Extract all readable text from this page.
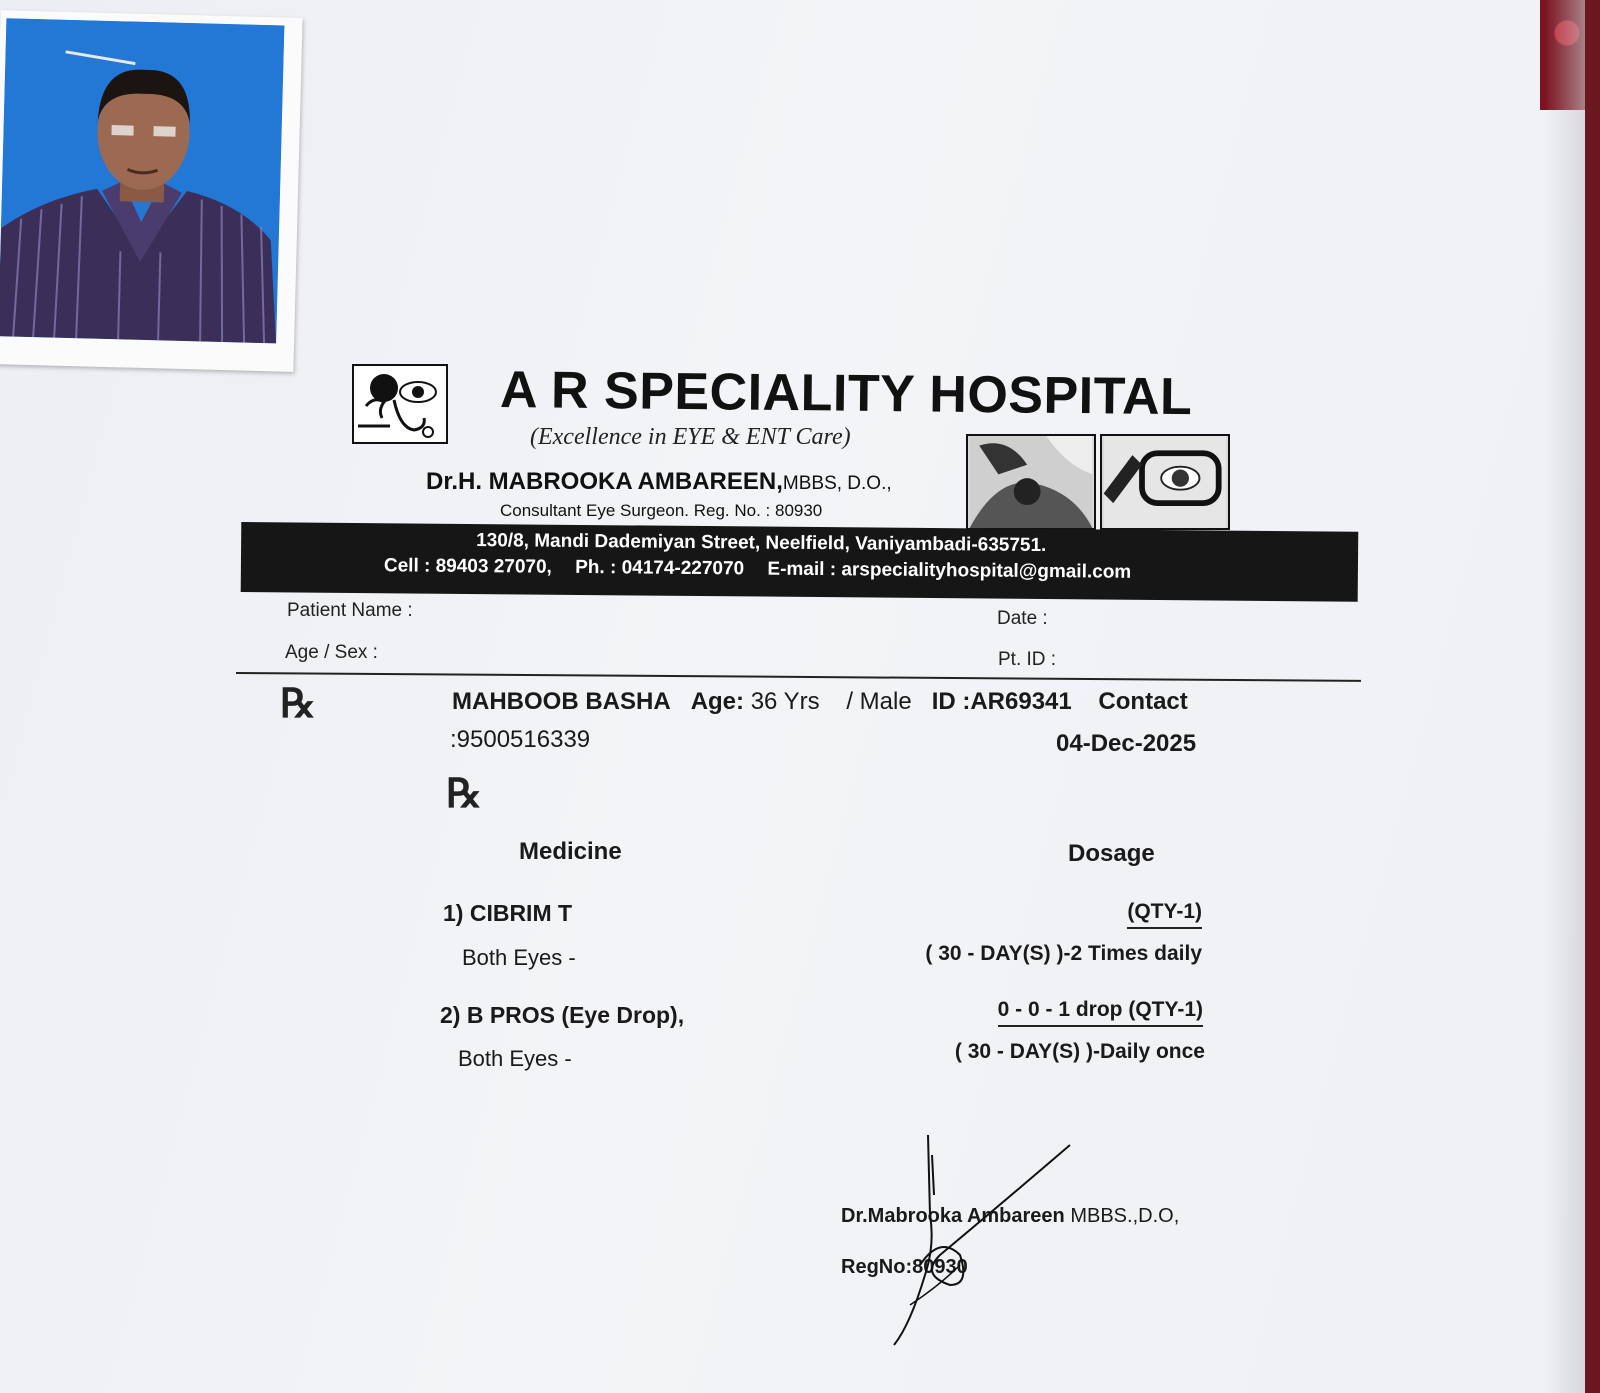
A R SPECIALITY HOSPITAL
(Excellence in EYE & ENT Care)
Dr.H. MABROOKA AMBAREEN,MBBS, D.O.,
Consultant Eye Surgeon. Reg. No. : 80930
130/8, Mandi Dademiyan Street, Neelfield, Vaniyambadi-635751.
Cell : 89403 27070, Ph. : 04174-227070 E-mail : arspecialityhospital@gmail.com
Patient Name :	Date :
Age / Sex :	Pt. ID :
℞	MAHBOOB BASHA Age: 36 Yrs / Male ID :AR69341 Contact
:9500516339	04-Dec-2025
℞
Medicine	Dosage
1) CIBRIM T	(QTY-1)
Both Eyes -	( 30 - DAY(S) )-2 Times daily
2) B PROS (Eye Drop),	0 - 0 - 1 drop (QTY-1)
Both Eyes -	( 30 - DAY(S) )-Daily once
Dr.Mabrooka Ambareen MBBS.,D.O,
RegNo:80930
